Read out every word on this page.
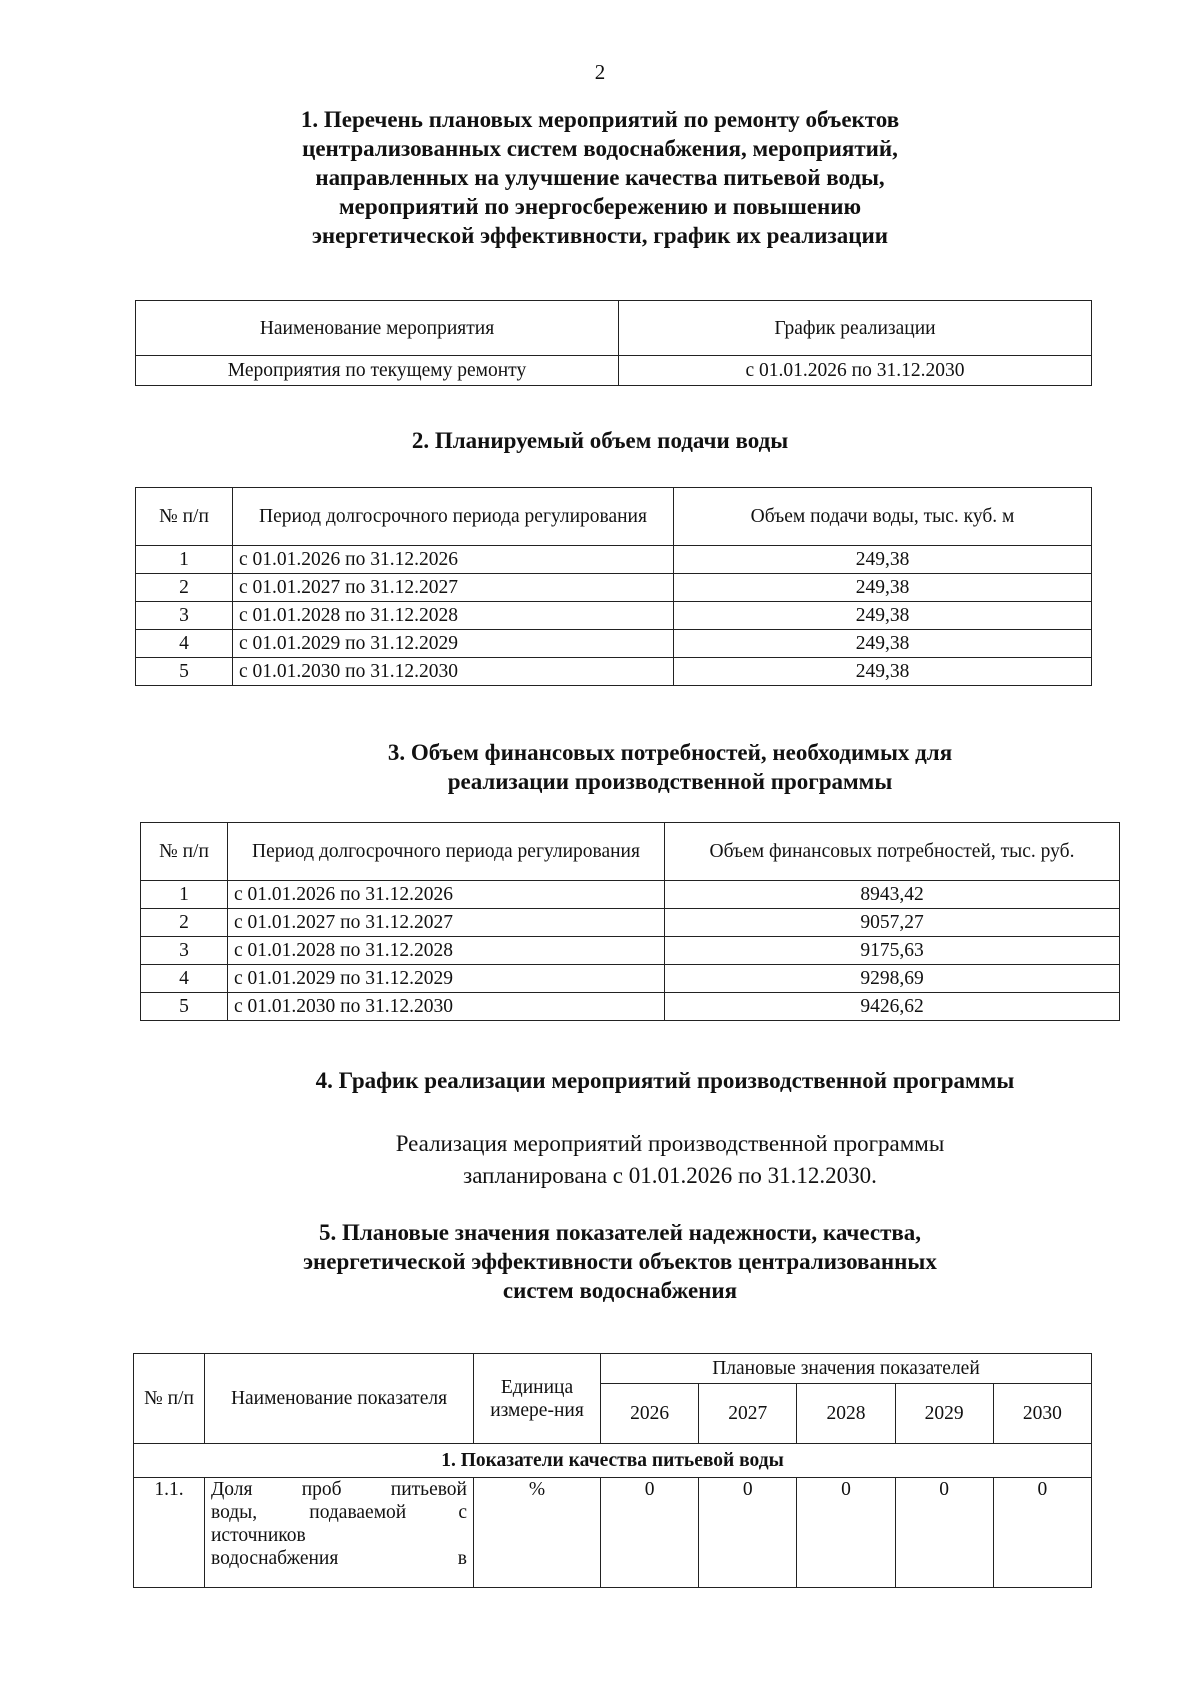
2
1. Перечень плановых мероприятий по ремонту объектов
централизованных систем водоснабжения, мероприятий,
направленных на улучшение качества питьевой воды,
мероприятий по энергосбережению и повышению
энергетической эффективности, график их реализации
Наименование мероприятия	График реализации
Мероприятия по текущему ремонту	с 01.01.2026 по 31.12.2030
2. Планируемый объем подачи воды
№ п/п	Период долгосрочного периода регулирования	Объем подачи воды, тыс. куб. м
1	с 01.01.2026 по 31.12.2026	249,38
2	с 01.01.2027 по 31.12.2027	249,38
3	с 01.01.2028 по 31.12.2028	249,38
4	с 01.01.2029 по 31.12.2029	249,38
5	с 01.01.2030 по 31.12.2030	249,38
3. Объем финансовых потребностей, необходимых для
реализации производственной программы
№ п/п	Период долгосрочного периода регулирования	Объем финансовых потребностей, тыс. руб.
1	с 01.01.2026 по 31.12.2026	8943,42
2	с 01.01.2027 по 31.12.2027	9057,27
3	с 01.01.2028 по 31.12.2028	9175,63
4	с 01.01.2029 по 31.12.2029	9298,69
5	с 01.01.2030 по 31.12.2030	9426,62
4. График реализации мероприятий производственной программы
Реализация мероприятий производственной программы
запланирована с 01.01.2026 по 31.12.2030.
5. Плановые значения показателей надежности, качества,
энергетической эффективности объектов централизованных
систем водоснабжения
№ п/п	Наименование показателя	Единица измере-ния	Плановые значения показателей				
			2026	2027	2028	2029	2030
1. Показатели качества питьевой воды							
1.1.	Доля проб питьевой
воды, подаваемой с
источников
водоснабжения в	%	0	0	0	0	0
